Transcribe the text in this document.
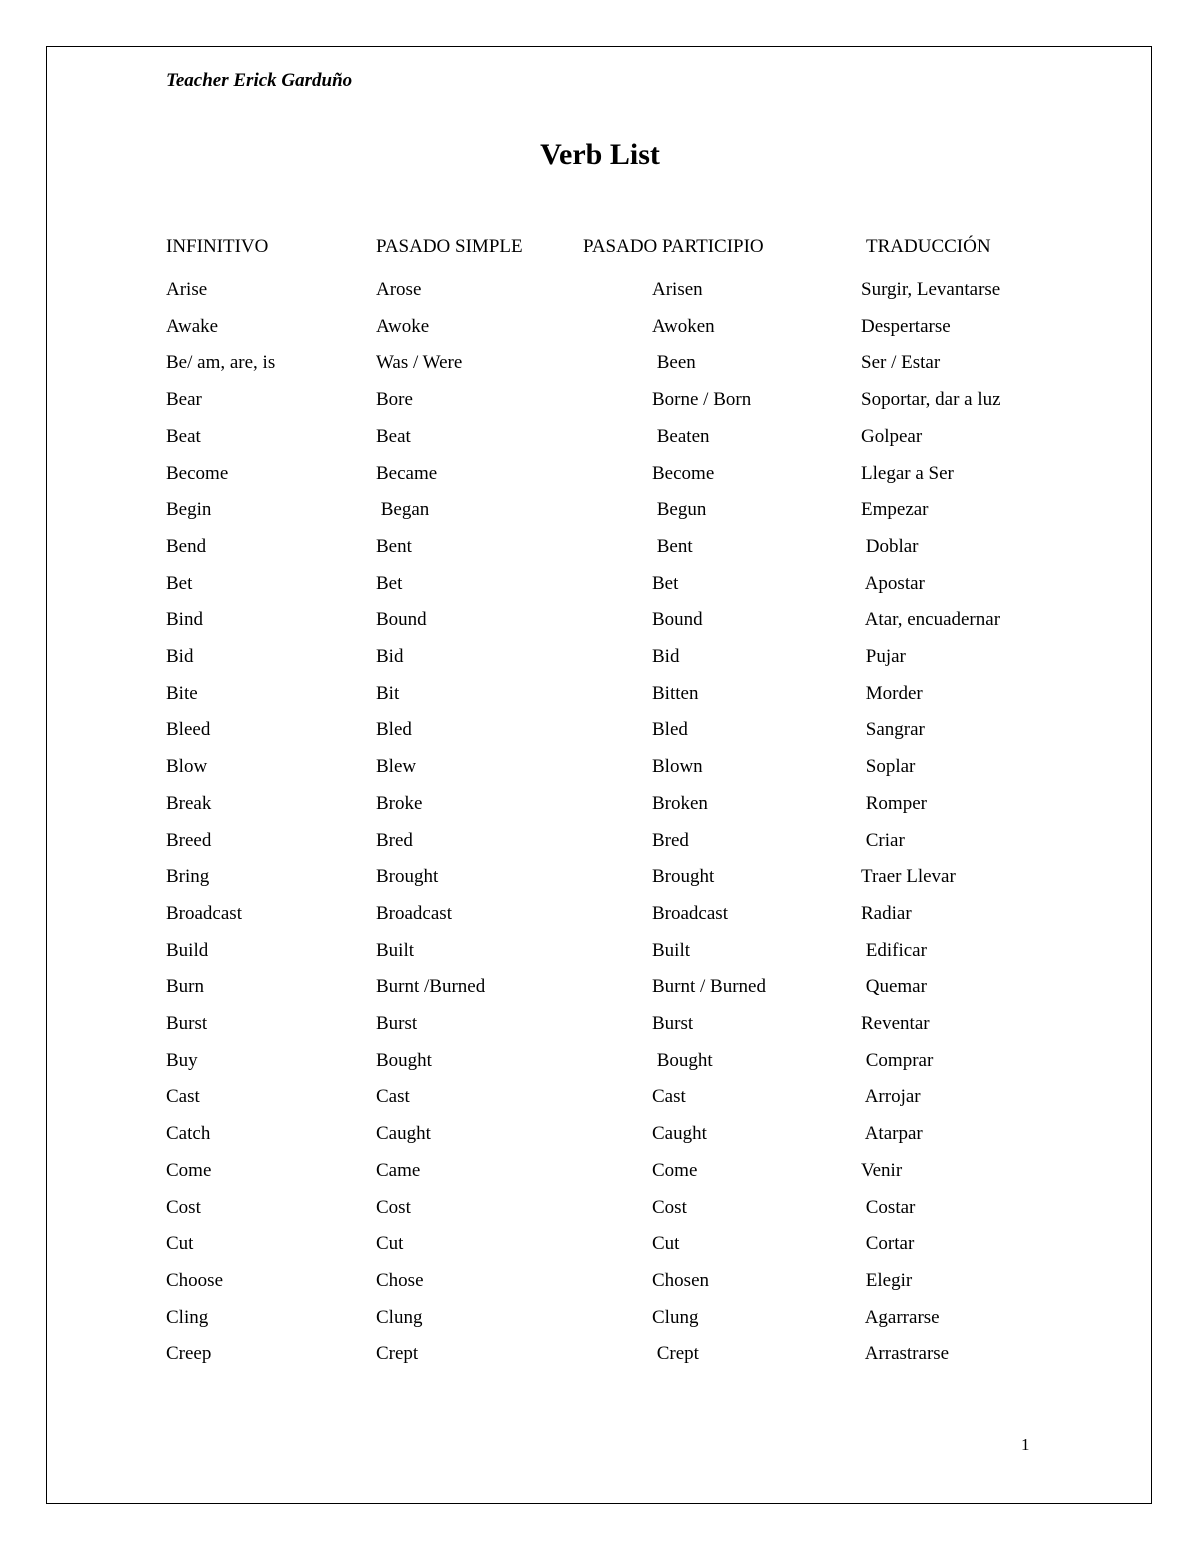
Teacher Erick Garduño
Verb List
INFINITIVO	PASADO SIMPLE	PASADO PARTICIPIO	TRADUCCIÓN
Arise	Arose	Arisen	Surgir, Levantarse
Awake	Awoke	Awoken	Despertarse
Be/ am, are, is	Was / Were	Been	Ser / Estar
Bear	Bore	Borne / Born	Soportar, dar a luz
Beat	Beat	Beaten	Golpear
Become	Became	Become	Llegar a Ser
Begin	Began	Begun	Empezar
Bend	Bent	Bent	Doblar
Bet	Bet	Bet	Apostar
Bind	Bound	Bound	Atar, encuadernar
Bid	Bid	Bid	Pujar
Bite	Bit	Bitten	Morder
Bleed	Bled	Bled	Sangrar
Blow	Blew	Blown	Soplar
Break	Broke	Broken	Romper
Breed	Bred	Bred	Criar
Bring	Brought	Brought	Traer Llevar
Broadcast	Broadcast	Broadcast	Radiar
Build	Built	Built	Edificar
Burn	Burnt /Burned	Burnt / Burned	Quemar
Burst	Burst	Burst	Reventar
Buy	Bought	Bought	Comprar
Cast	Cast	Cast	Arrojar
Catch	Caught	Caught	Atarpar
Come	Came	Come	Venir
Cost	Cost	Cost	Costar
Cut	Cut	Cut	Cortar
Choose	Chose	Chosen	Elegir
Cling	Clung	Clung	Agarrarse
Creep	Crept	Crept	Arrastrarse
1
